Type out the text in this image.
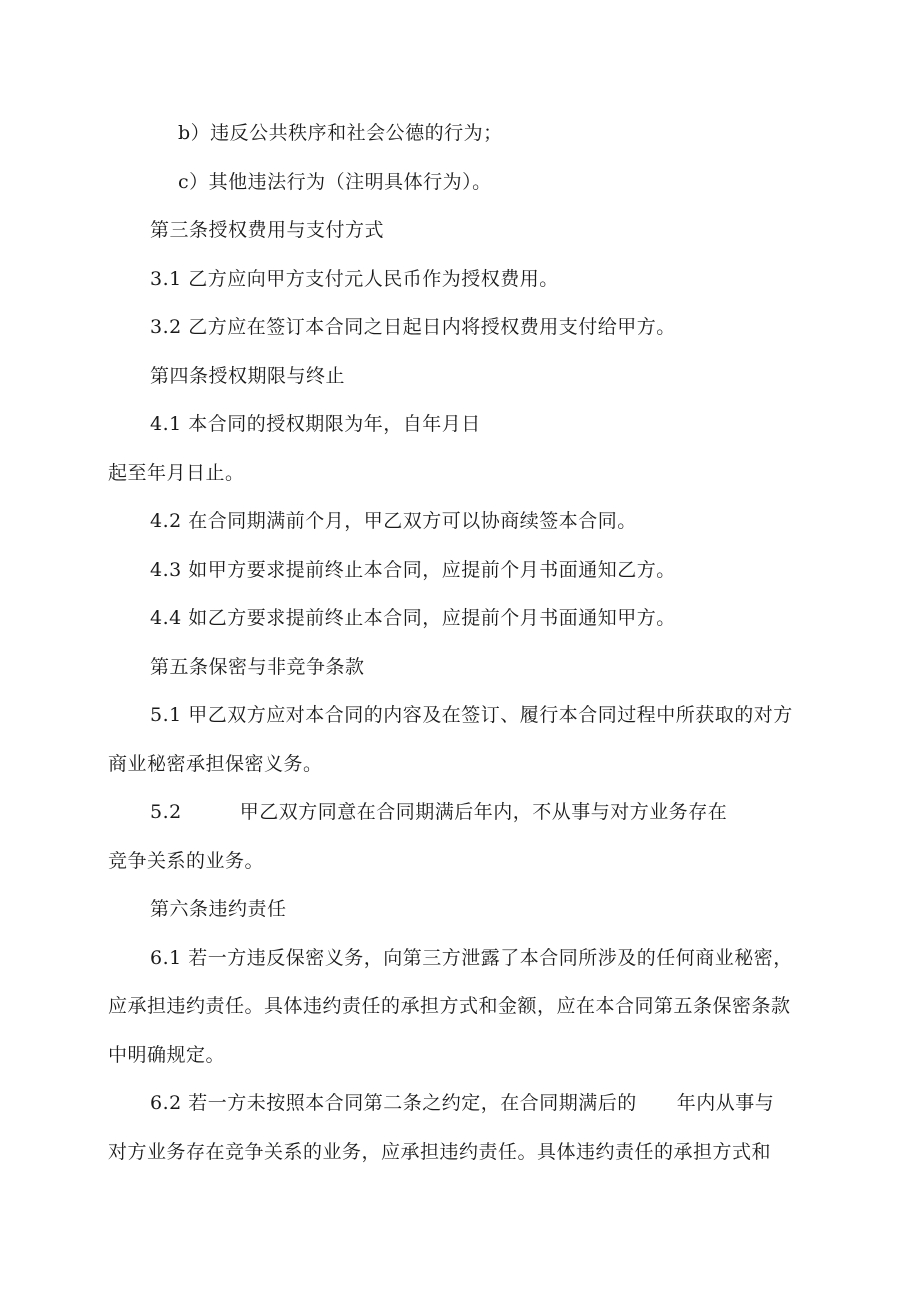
b）违反公共秩序和社会公德的行为；
c）其他违法行为（注明具体行为）。
第三条授权费用与支付方式
3.1 乙方应向甲方支付元人民币作为授权费用。
3.2 乙方应在签订本合同之日起日内将授权费用支付给甲方。
第四条授权期限与终止
4.1 本合同的授权期限为年，自年月日
起至年月日止。
4.2 在合同期满前个月，甲乙双方可以协商续签本合同。
4.3 如甲方要求提前终止本合同，应提前个月书面通知乙方。
4.4 如乙方要求提前终止本合同，应提前个月书面通知甲方。
第五条保密与非竞争条款
5.1 甲乙双方应对本合同的内容及在签订、履行本合同过程中所获取的对方
商业秘密承担保密义务。
5.2	甲乙双方同意在合同期满后年内，不从事与对方业务存在
竞争关系的业务。
第六条违约责任
6.1 若一方违反保密义务，向第三方泄露了本合同所涉及的任何商业秘密，
应承担违约责任。具体违约责任的承担方式和金额，应在本合同第五条保密条款
中明确规定。
6.2 若一方未按照本合同第二条之约定，在合同期满后的 年内从事与
对方业务存在竞争关系的业务，应承担违约责任。具体违约责任的承担方式和
